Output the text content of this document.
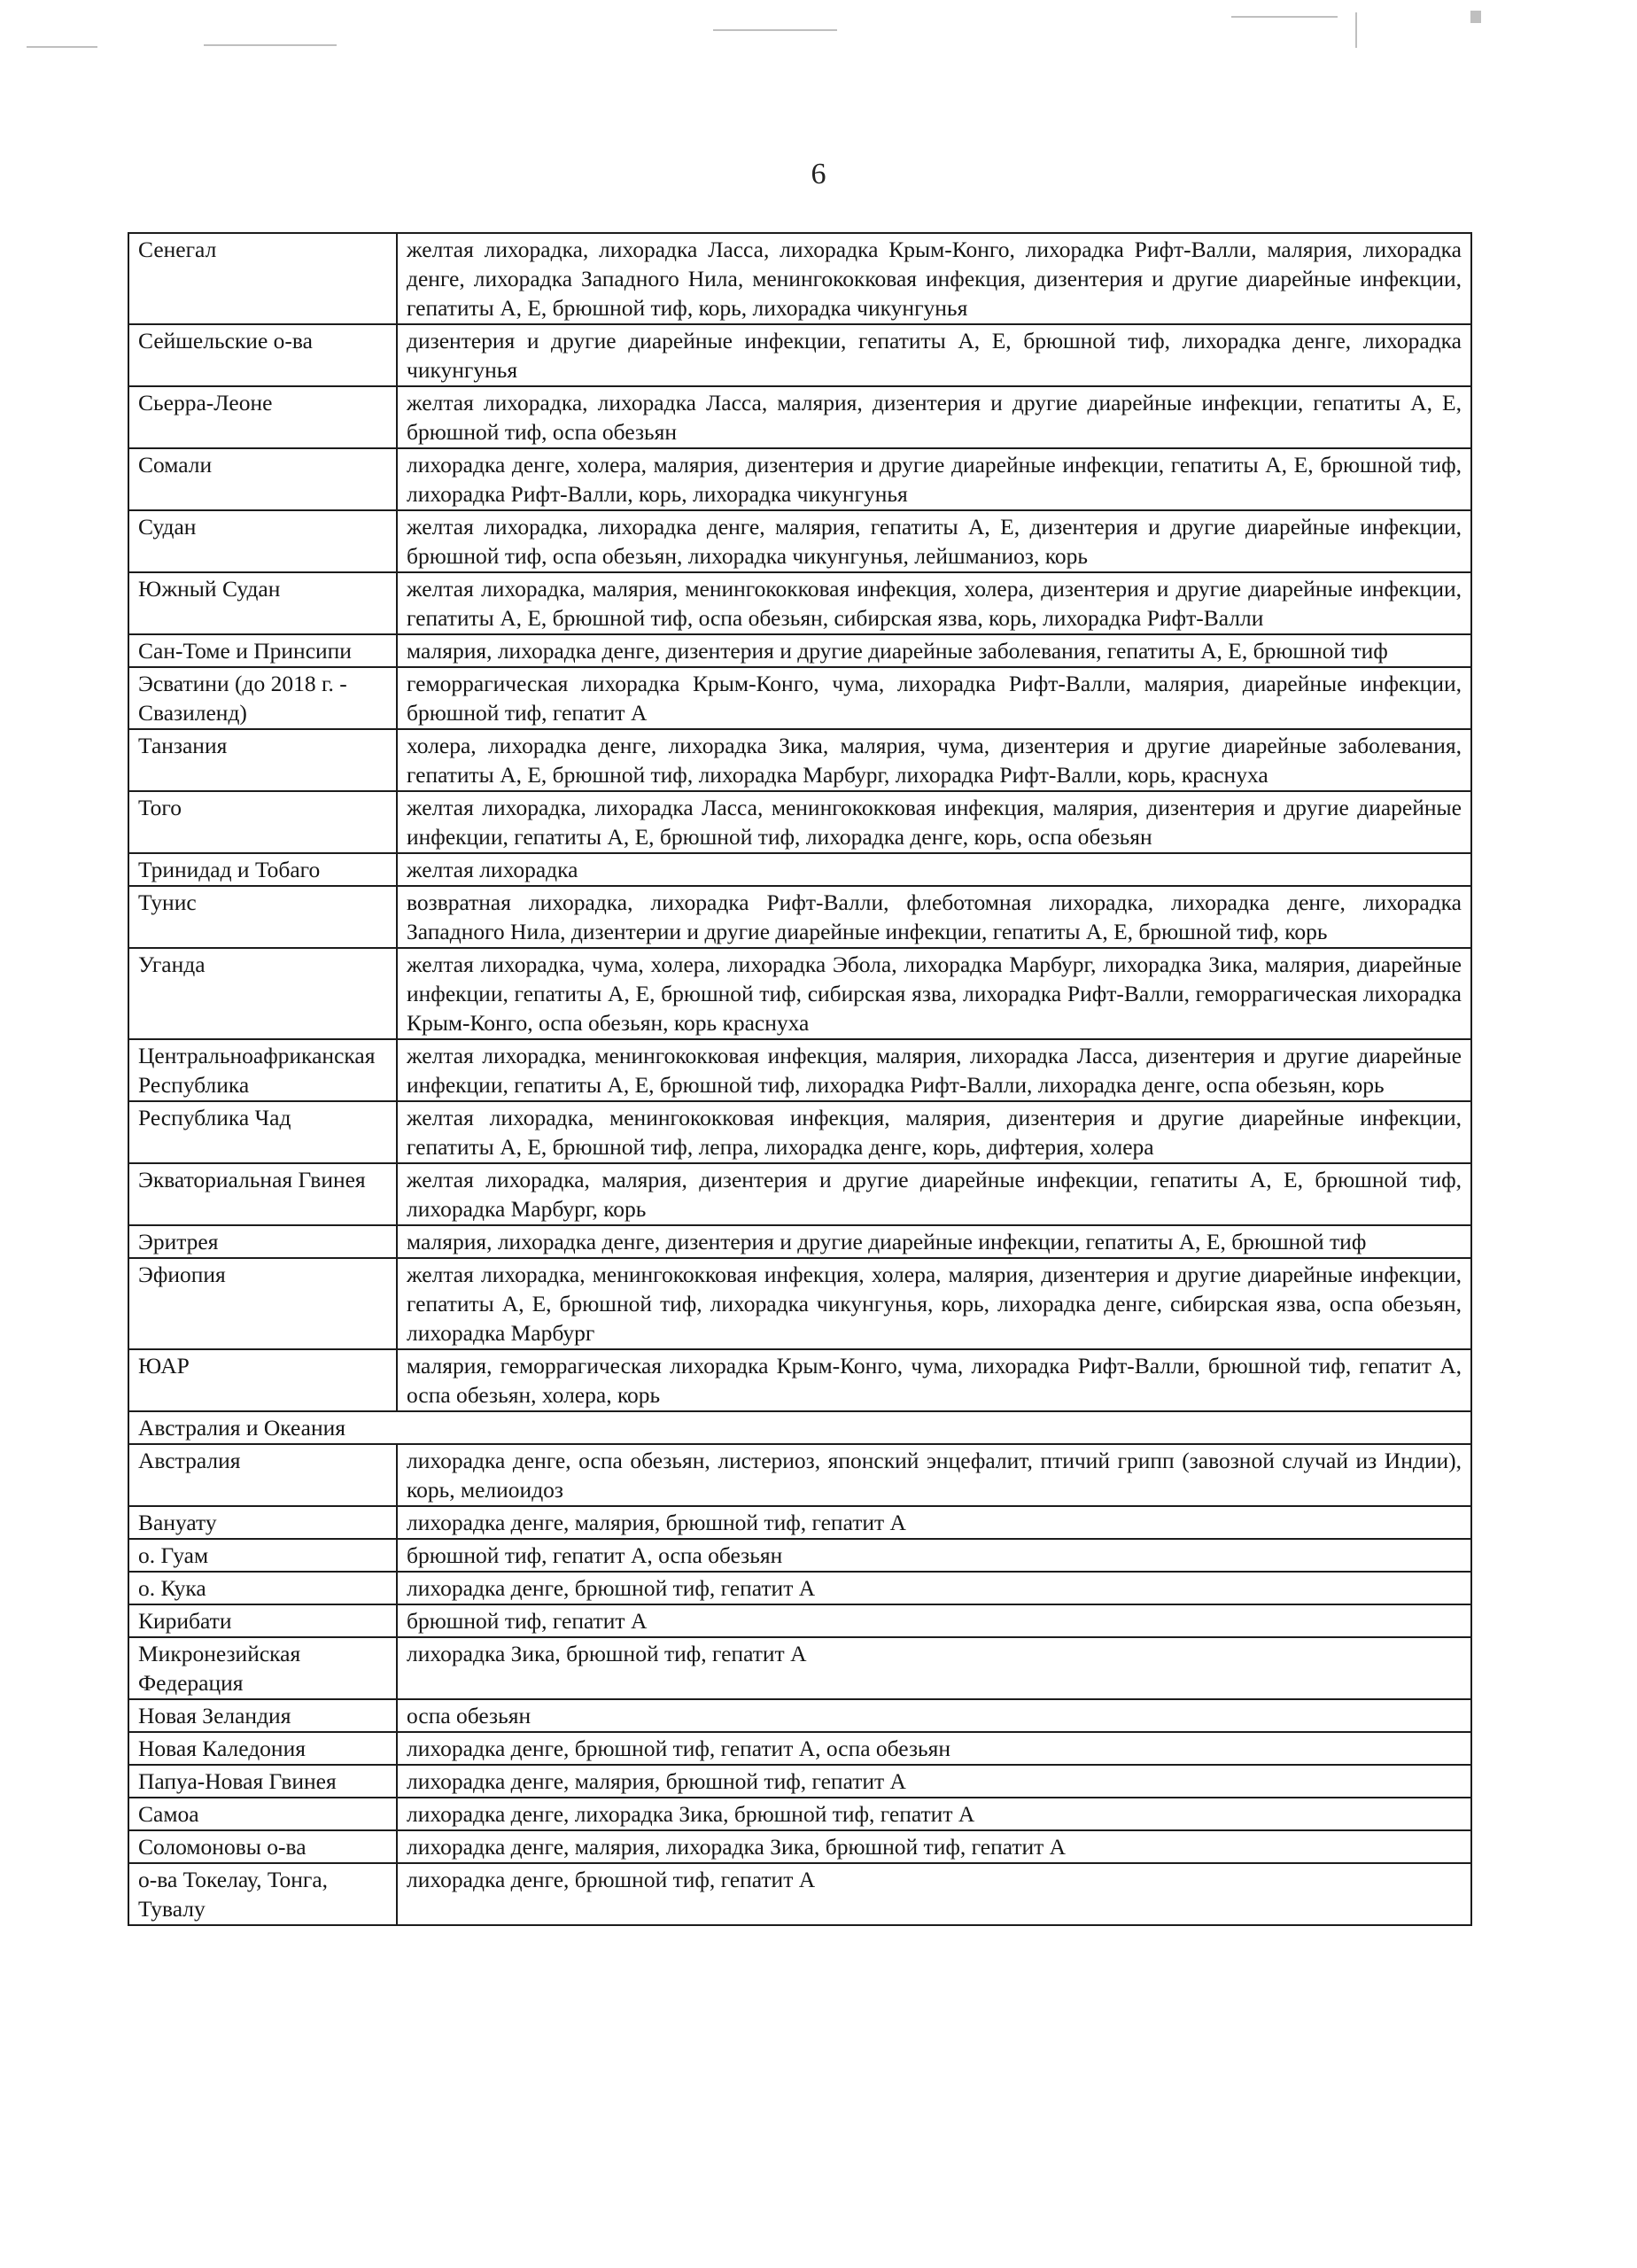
6
Сенегал	желтая лихорадка, лихорадка Ласса, лихорадка Крым-Конго, лихорадка Рифт-Валли, малярия, лихорадка денге, лихорадка Западного Нила, менингококковая инфекция, дизентерия и другие диарейные инфекции, гепатиты А, Е, брюшной тиф, корь, лихорадка чикунгунья
Сейшельские о-ва	дизентерия и другие диарейные инфекции, гепатиты А, Е, брюшной тиф, лихорадка денге, лихорадка чикунгунья
Сьерра-Леоне	желтая лихорадка, лихорадка Ласса, малярия, дизентерия и другие диарейные инфекции, гепатиты А, Е, брюшной тиф, оспа обезьян
Сомали	лихорадка денге, холера, малярия, дизентерия и другие диарейные инфекции, гепатиты А, Е, брюшной тиф, лихорадка Рифт-Валли, корь, лихорадка чикунгунья
Судан	желтая лихорадка, лихорадка денге, малярия, гепатиты А, Е, дизентерия и другие диарейные инфекции, брюшной тиф, оспа обезьян, лихорадка чикунгунья, лейшманиоз, корь
Южный Судан	желтая лихорадка, малярия, менингококковая инфекция, холера, дизентерия и другие диарейные инфекции, гепатиты А, Е, брюшной тиф, оспа обезьян, сибирская язва, корь, лихорадка Рифт-Валли
Сан-Томе и Принсипи	малярия, лихорадка денге, дизентерия и другие диарейные заболевания, гепатиты А, Е, брюшной тиф
Эсватини (до 2018 г. - Свазиленд)	геморрагическая лихорадка Крым-Конго, чума, лихорадка Рифт-Валли, малярия, диарейные инфекции, брюшной тиф, гепатит А
Танзания	холера, лихорадка денге, лихорадка Зика, малярия, чума, дизентерия и другие диарейные заболевания, гепатиты А, Е, брюшной тиф, лихорадка Марбург, лихорадка Рифт-Валли, корь, краснуха
Того	желтая лихорадка, лихорадка Ласса, менингококковая инфекция, малярия, дизентерия и другие диарейные инфекции, гепатиты А, Е, брюшной тиф, лихорадка денге, корь, оспа обезьян
Тринидад и Тобаго	желтая лихорадка
Тунис	возвратная лихорадка, лихорадка Рифт-Валли, флеботомная лихорадка, лихорадка денге, лихорадка Западного Нила, дизентерии и другие диарейные инфекции, гепатиты А, Е, брюшной тиф, корь
Уганда	желтая лихорадка, чума, холера, лихорадка Эбола, лихорадка Марбург, лихорадка Зика, малярия, диарейные инфекции, гепатиты А, Е, брюшной тиф, сибирская язва, лихорадка Рифт-Валли, геморрагическая лихорадка Крым-Конго, оспа обезьян, корь краснуха
Центральноафриканская Республика	желтая лихорадка, менингококковая инфекция, малярия, лихорадка Ласса, дизентерия и другие диарейные инфекции, гепатиты А, Е, брюшной тиф, лихорадка Рифт-Валли, лихорадка денге, оспа обезьян, корь
Республика Чад	желтая лихорадка, менингококковая инфекция, малярия, дизентерия и другие диарейные инфекции, гепатиты А, Е, брюшной тиф, лепра, лихорадка денге, корь, дифтерия, холера
Экваториальная Гвинея	желтая лихорадка, малярия, дизентерия и другие диарейные инфекции, гепатиты А, Е, брюшной тиф, лихорадка Марбург, корь
Эритрея	малярия, лихорадка денге, дизентерия и другие диарейные инфекции, гепатиты А, Е, брюшной тиф
Эфиопия	желтая лихорадка, менингококковая инфекция, холера, малярия, дизентерия и другие диарейные инфекции, гепатиты А, Е, брюшной тиф, лихорадка чикунгунья, корь, лихорадка денге, сибирская язва, оспа обезьян, лихорадка Марбург
ЮАР	малярия, геморрагическая лихорадка Крым-Конго, чума, лихорадка Рифт-Валли, брюшной тиф, гепатит А, оспа обезьян, холера, корь
Австралия и Океания	
Австралия	лихорадка денге, оспа обезьян, листериоз, японский энцефалит, птичий грипп (завозной случай из Индии), корь, мелиоидоз
Вануату	лихорадка денге, малярия, брюшной тиф, гепатит А
о. Гуам	брюшной тиф, гепатит А, оспа обезьян
о. Кука	лихорадка денге, брюшной тиф, гепатит А
Кирибати	брюшной тиф, гепатит А
Микронезийская Федерация	лихорадка Зика, брюшной тиф, гепатит А
Новая Зеландия	оспа обезьян
Новая Каледония	лихорадка денге, брюшной тиф, гепатит А, оспа обезьян
Папуа-Новая Гвинея	лихорадка денге, малярия, брюшной тиф, гепатит А
Самоа	лихорадка денге, лихорадка Зика, брюшной тиф, гепатит А
Соломоновы о-ва	лихорадка денге, малярия, лихорадка Зика, брюшной тиф, гепатит А
о-ва Токелау, Тонга, Тувалу	лихорадка денге, брюшной тиф, гепатит А
